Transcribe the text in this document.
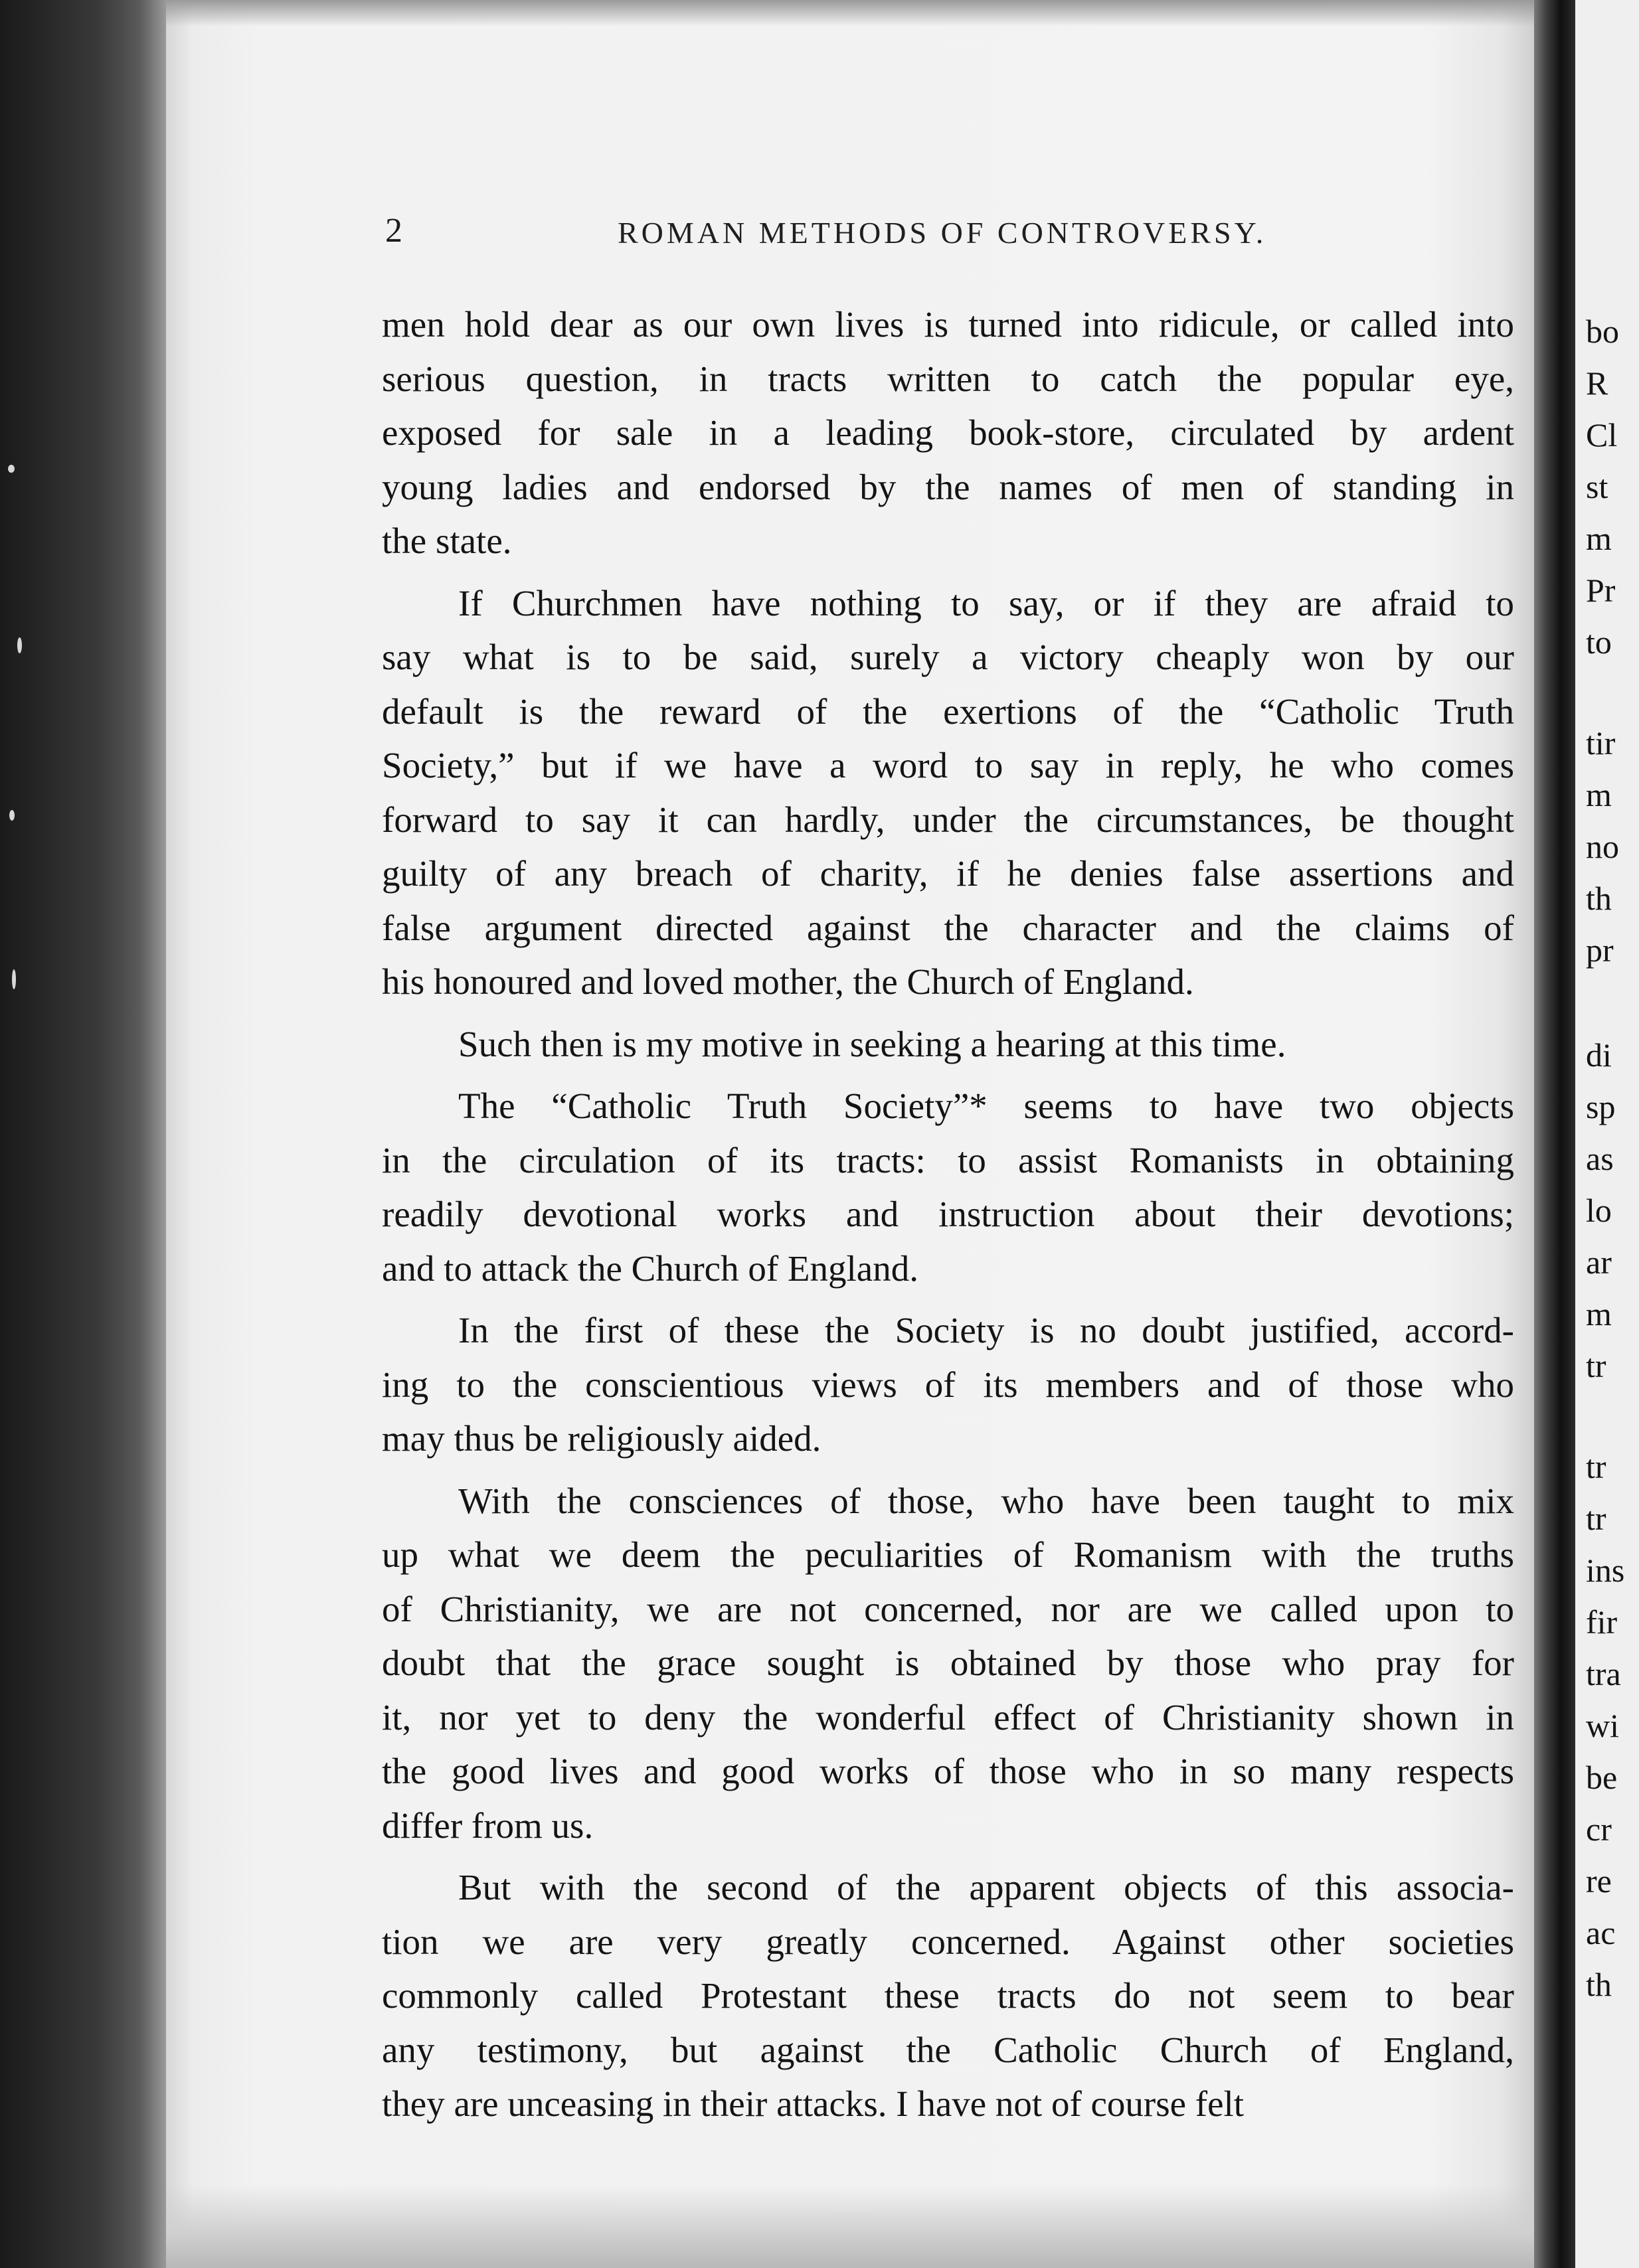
2	ROMAN METHODS OF CONTROVERSY.
men hold dear as our own lives is turned into ridicule, or called into
serious question, in tracts written to catch the popular eye,
exposed for sale in a leading book-store, circulated by ardent
young ladies and endorsed by the names of men of standing in
the state.
If Churchmen have nothing to say, or if they are afraid to
say what is to be said, surely a victory cheaply won by our
default is the reward of the exertions of the “Catholic Truth
Society,” but if we have a word to say in reply, he who comes
forward to say it can hardly, under the circumstances, be thought
guilty of any breach of charity, if he denies false assertions and
false argument directed against the character and the claims of
his honoured and loved mother, the Church of England.
Such then is my motive in seeking a hearing at this time.
The “Catholic Truth Society”* seems to have two objects
in the circulation of its tracts: to assist Romanists in obtaining
readily devotional works and instruction about their devotions;
and to attack the Church of England.
In the first of these the Society is no doubt justified, accord-
ing to the conscientious views of its members and of those who
may thus be religiously aided.
With the consciences of those, who have been taught to mix
up what we deem the peculiarities of Romanism with the truths
of Christianity, we are not concerned, nor are we called upon to
doubt that the grace sought is obtained by those who pray for
it, nor yet to deny the wonderful effect of Christianity shown in
the good lives and good works of those who in so many respects
differ from us.
But with the second of the apparent objects of this associa-
tion we are very greatly concerned. Against other societies
commonly called Protestant these tracts do not seem to bear
any testimony, but against the Catholic Church of England,
they are unceasing in their attacks. I have not of course felt
bo
R
Cl
st
m
Pr
to
tir
m
no
th
pr
di
sp
as
lo
ar
m
tr
tr
tr
ins
fir
tra
wi
be
cr
re
ac
th
